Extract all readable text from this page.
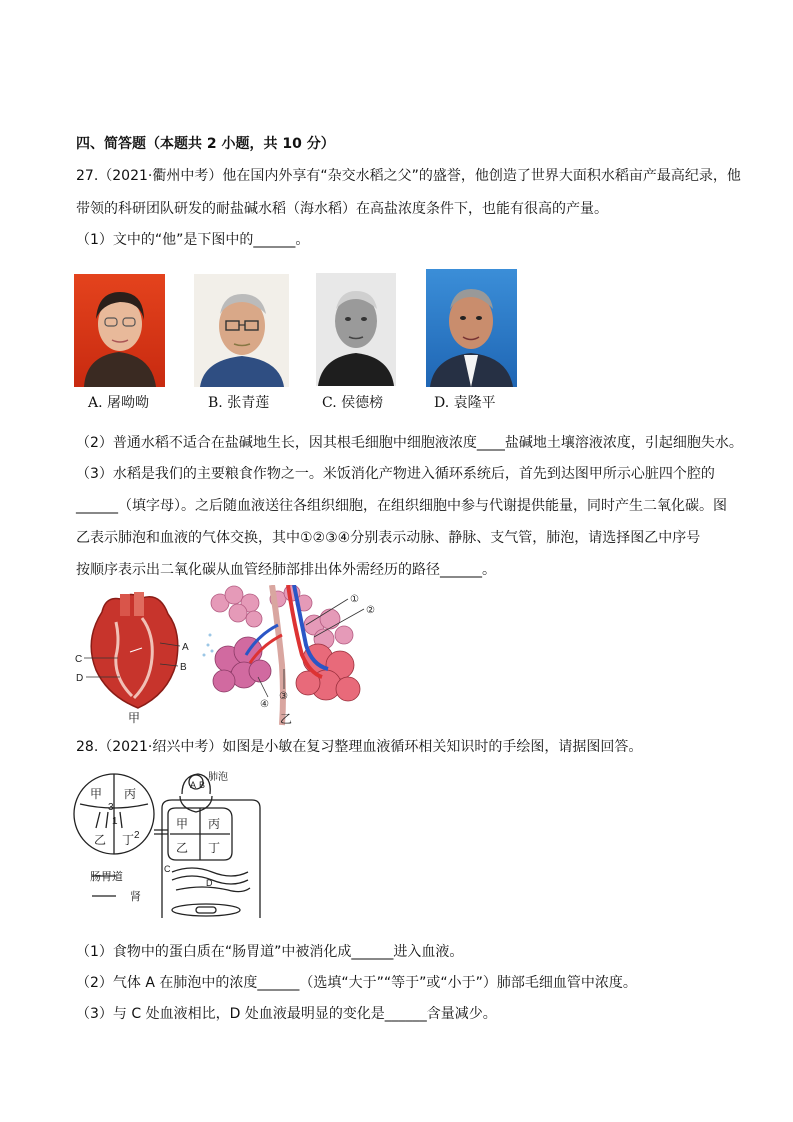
四、简答题（本题共 2 小题，共 10 分）
27.（2021·衢州中考）他在国内外享有“杂交水稻之父”的盛誉，他创造了世界大面积水稻亩产最高纪录，他
带领的科研团队研发的耐盐碱水稻（海水稻）在高盐浓度条件下，也能有很高的产量。
（1）文中的“他”是下图中的______。
A. 屠呦呦	B. 张青莲	C. 侯德榜	D. 袁隆平
（2）普通水稻不适合在盐碱地生长，因其根毛细胞中细胞液浓度____盐碱地土壤溶液浓度，引起细胞失水。
（3）水稻是我们的主要粮食作物之一。米饭消化产物进入循环系统后，首先到达图甲所示心脏四个腔的
______（填字母）。之后随血液送往各组织细胞，在组织细胞中参与代谢提供能量，同时产生二氧化碳。图
乙表示肺泡和血液的气体交换，其中①②③④分别表示动脉、静脉、支气管，肺泡，请选择图乙中序号
按顺序表示出二氧化碳从血管经肺部排出体外需经历的路径______。
A
B
C
D
甲
①
②
③
④
乙
28.（2021·绍兴中考）如图是小敏在复习整理血液循环相关知识时的手绘图，请据图回答。
甲 丙
乙 丁
3
2
1
肺泡
A B
甲 丙
乙 丁
C
D
肠胃道
肾
（1）食物中的蛋白质在“肠胃道”中被消化成______进入血液。
（2）气体 A 在肺泡中的浓度______（选填“大于”“等于”或“小于”）肺部毛细血管中浓度。
（3）与 C 处血液相比，D 处血液最明显的变化是______含量减少。
